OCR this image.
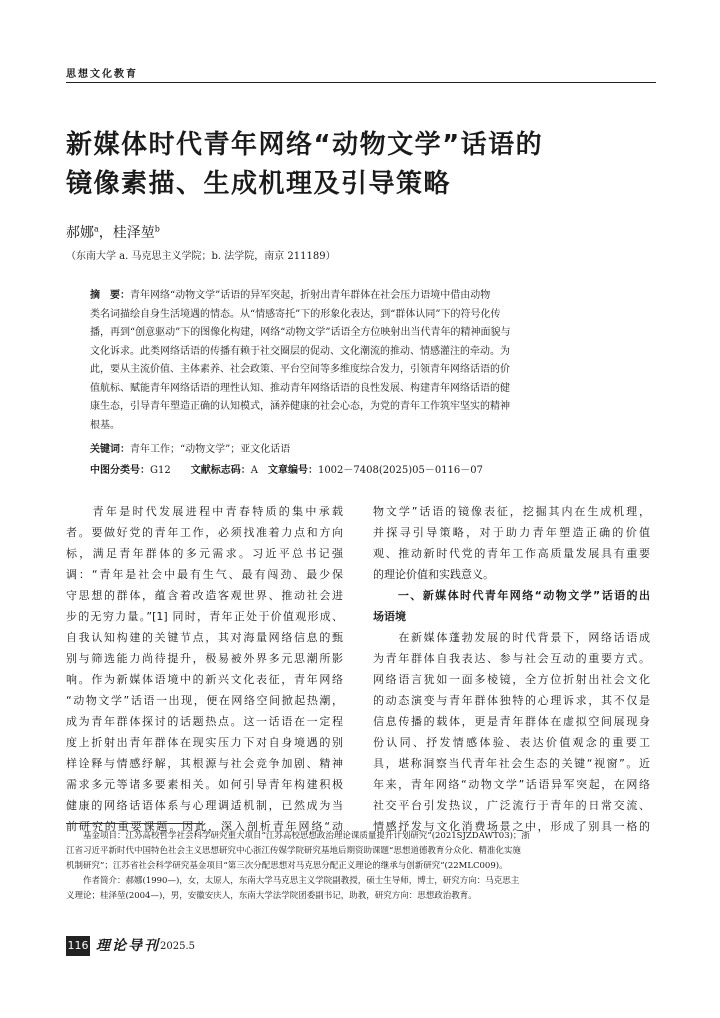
思想文化教育
新媒体时代青年网络“动物文学”话语的
镜像素描、生成机理及引导策略
郝娜$^a$，桂泽堃$^b$
（东南大学 a. 马克思主义学院；b. 法学院，南京 211189）
摘　要：青年网络“动物文学”话语的异军突起，折射出青年群体在社会压力语境中借由动物
类名词描绘自身生活境遇的情态。从“情感寄托”下的形象化表达，到“群体认同”下的符号化传
播，再到“创意驱动”下的图像化构建，网络“动物文学”话语全方位映射出当代青年的精神面貌与
文化诉求。此类网络话语的传播有赖于社交圈层的促动、文化潮流的推动、情感灌注的牵动。为
此，要从主流价值、主体素养、社会政策、平台空间等多维度综合发力，引领青年网络话语的价
值航标、赋能青年网络话语的理性认知、推动青年网络话语的良性发展、构建青年网络话语的健
康生态，引导青年塑造正确的认知模式，涵养健康的社会心态，为党的青年工作筑牢坚实的精神
根基。
关键词：青年工作；“动物文学”；亚文化话语
中图分类号：G12   文献标志码：A  文章编号：1002－7408(2025)05－0116－07
　　青年是时代发展进程中青春特质的集中承载
者。要做好党的青年工作，必须找准着力点和方向
标，满足青年群体的多元需求。习近平总书记强
调：“青年是社会中最有生气、最有闯劲、最少保
守思想的群体，蕴含着改造客观世界、推动社会进
步的无穷力量。”[1] 同时，青年正处于价值观形成、
自我认知构建的关键节点，其对海量网络信息的甄
别与筛选能力尚待提升，极易被外界多元思潮所影
响。作为新媒体语境中的新兴文化表征，青年网络
“动物文学”话语一出现，便在网络空间掀起热潮，
成为青年群体探讨的话题热点。这一话语在一定程
度上折射出青年群体在现实压力下对自身境遇的别
样诠释与情感纾解，其根源与社会竞争加剧、精神
需求多元等诸多要素相关。如何引导青年构建积极
健康的网络话语体系与心理调适机制，已然成为当
前研究的重要课题。因此，深入剖析青年网络“动
物文学”话语的镜像表征，挖掘其内在生成机理，
并探寻引导策略，对于助力青年塑造正确的价值
观、推动新时代党的青年工作高质量发展具有重要
的理论价值和实践意义。
　　一、新媒体时代青年网络“动物文学”话语的出
场语境
　　在新媒体蓬勃发展的时代背景下，网络话语成
为青年群体自我表达、参与社会互动的重要方式。
网络语言犹如一面多棱镜，全方位折射出社会文化
的动态演变与青年群体独特的心理诉求，其不仅是
信息传播的载体，更是青年群体在虚拟空间展现身
份认同、抒发情感体验、表达价值观念的重要工
具，堪称洞察当代青年社会生态的关键“视窗”。近
年来，青年网络“动物文学”话语异军突起，在网络
社交平台引发热议，广泛流行于青年的日常交流、
情感抒发与文化消费场景之中，形成了别具一格的
　　基金项目：江苏高校哲学社会科学研究重大项目“江苏高校思想政治理论课质量提升计划研究”(2021SJZDAWT03)；浙
江省习近平新时代中国特色社会主义思想研究中心浙江传媒学院研究基地后期资助课题“思想道德教育分众化、精准化实施
机制研究”；江苏省社会科学研究基金项目“第三次分配思想对马克思分配正义理论的继承与创新研究”(22MLC009)。
　　作者简介：郝娜(1990—)，女，太原人，东南大学马克思主义学院副教授，硕士生导师，博士，研究方向：马克思主
义理论；桂泽堃(2004—)，男，安徽安庆人，东南大学法学院团委副书记，助教，研究方向：思想政治教育。
116 理论导刊 2025.5
